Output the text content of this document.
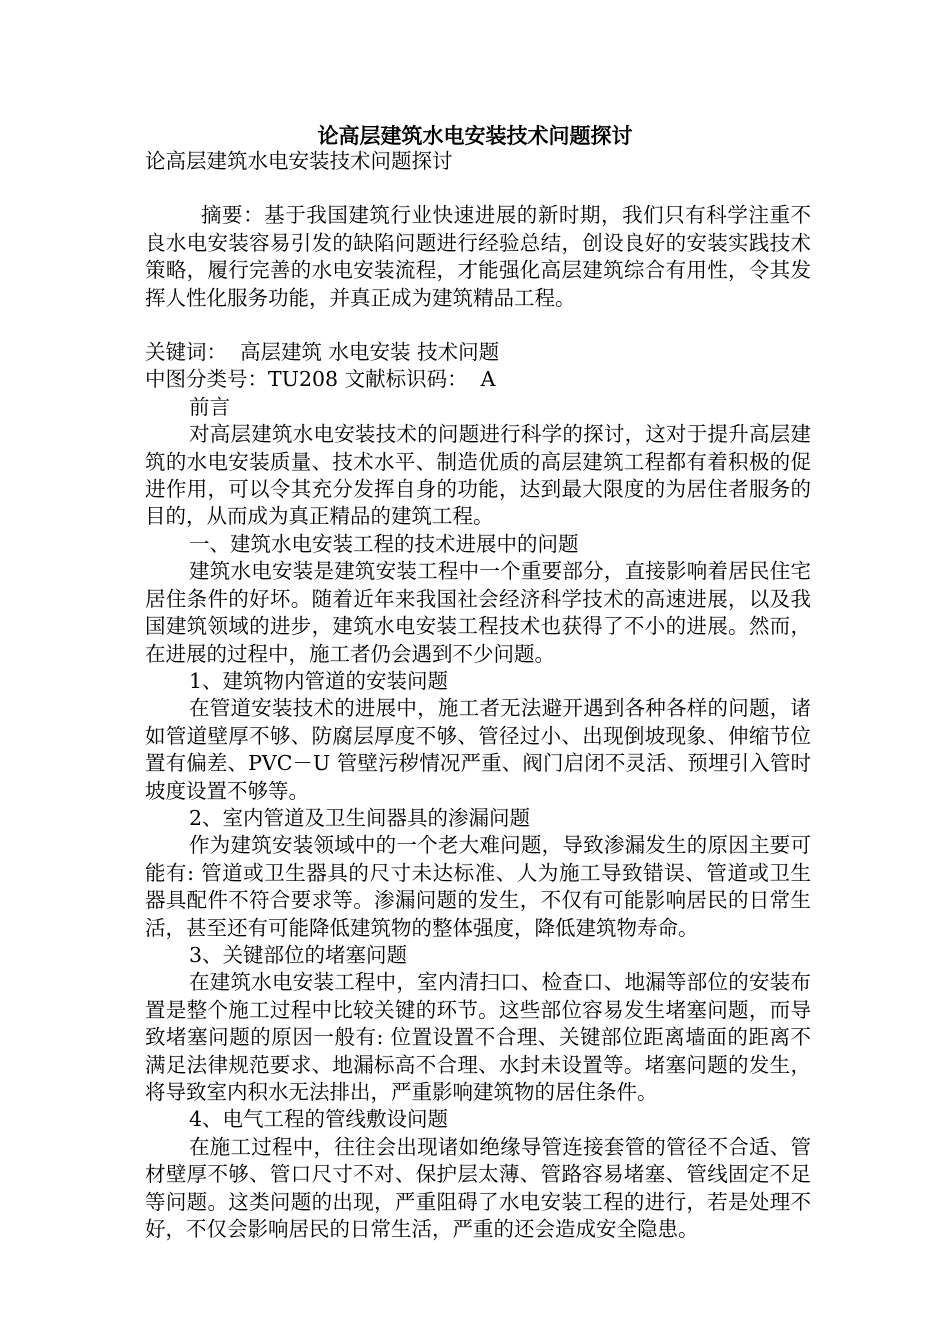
论高层建筑水电安装技术问题探讨

论高层建筑水电安装技术问题探讨

摘要：基于我国建筑行业快速进展的新时期，我们只有科学注重不良水电安装容易引发的缺陷问题进行经验总结，创设良好的安装实践技术策略，履行完善的水电安装流程，才能强化高层建筑综合有用性，令其发挥人性化服务功能，并真正成为建筑精品工程。

关键词：  高层建筑 水电安装 技术问题

中图分类号：TU208 文献标识码：  A

前言

对高层建筑水电安装技术的问题进行科学的探讨，这对于提升高层建筑的水电安装质量、技术水平、制造优质的高层建筑工程都有着积极的促进作用，可以令其充分发挥自身的功能，达到最大限度的为居住者服务的目的，从而成为真正精品的建筑工程。

一、建筑水电安装工程的技术进展中的问题

建筑水电安装是建筑安装工程中一个重要部分，直接影响着居民住宅居住条件的好坏。随着近年来我国社会经济科学技术的高速进展，以及我国建筑领域的进步，建筑水电安装工程技术也获得了不小的进展。然而，在进展的过程中，施工者仍会遇到不少问题。

1、建筑物内管道的安装问题

在管道安装技术的进展中，施工者无法避开遇到各种各样的问题，诸如管道壁厚不够、防腐层厚度不够、管径过小、出现倒坡现象、伸缩节位置有偏差、PVC－U 管壁污秽情况严重、阀门启闭不灵活、预埋引入管时坡度设置不够等。

2、室内管道及卫生间器具的渗漏问题

作为建筑安装领域中的一个老大难问题，导致渗漏发生的原因主要可能有: 管道或卫生器具的尺寸未达标准、人为施工导致错误、管道或卫生器具配件不符合要求等。渗漏问题的发生，不仅有可能影响居民的日常生活，甚至还有可能降低建筑物的整体强度，降低建筑物寿命。

3、关键部位的堵塞问题

在建筑水电安装工程中，室内清扫口、检查口、地漏等部位的安装布置是整个施工过程中比较关键的环节。这些部位容易发生堵塞问题，而导致堵塞问题的原因一般有: 位置设置不合理、关键部位距离墙面的距离不满足法律规范要求、地漏标高不合理、水封未设置等。堵塞问题的发生，将导致室内积水无法排出，严重影响建筑物的居住条件。

4、电气工程的管线敷设问题

在施工过程中，往往会出现诸如绝缘导管连接套管的管径不合适、管材壁厚不够、管口尺寸不对、保护层太薄、管路容易堵塞、管线固定不足等问题。这类问题的出现，严重阻碍了水电安装工程的进行，若是处理不好，不仅会影响居民的日常生活，严重的还会造成安全隐患。
